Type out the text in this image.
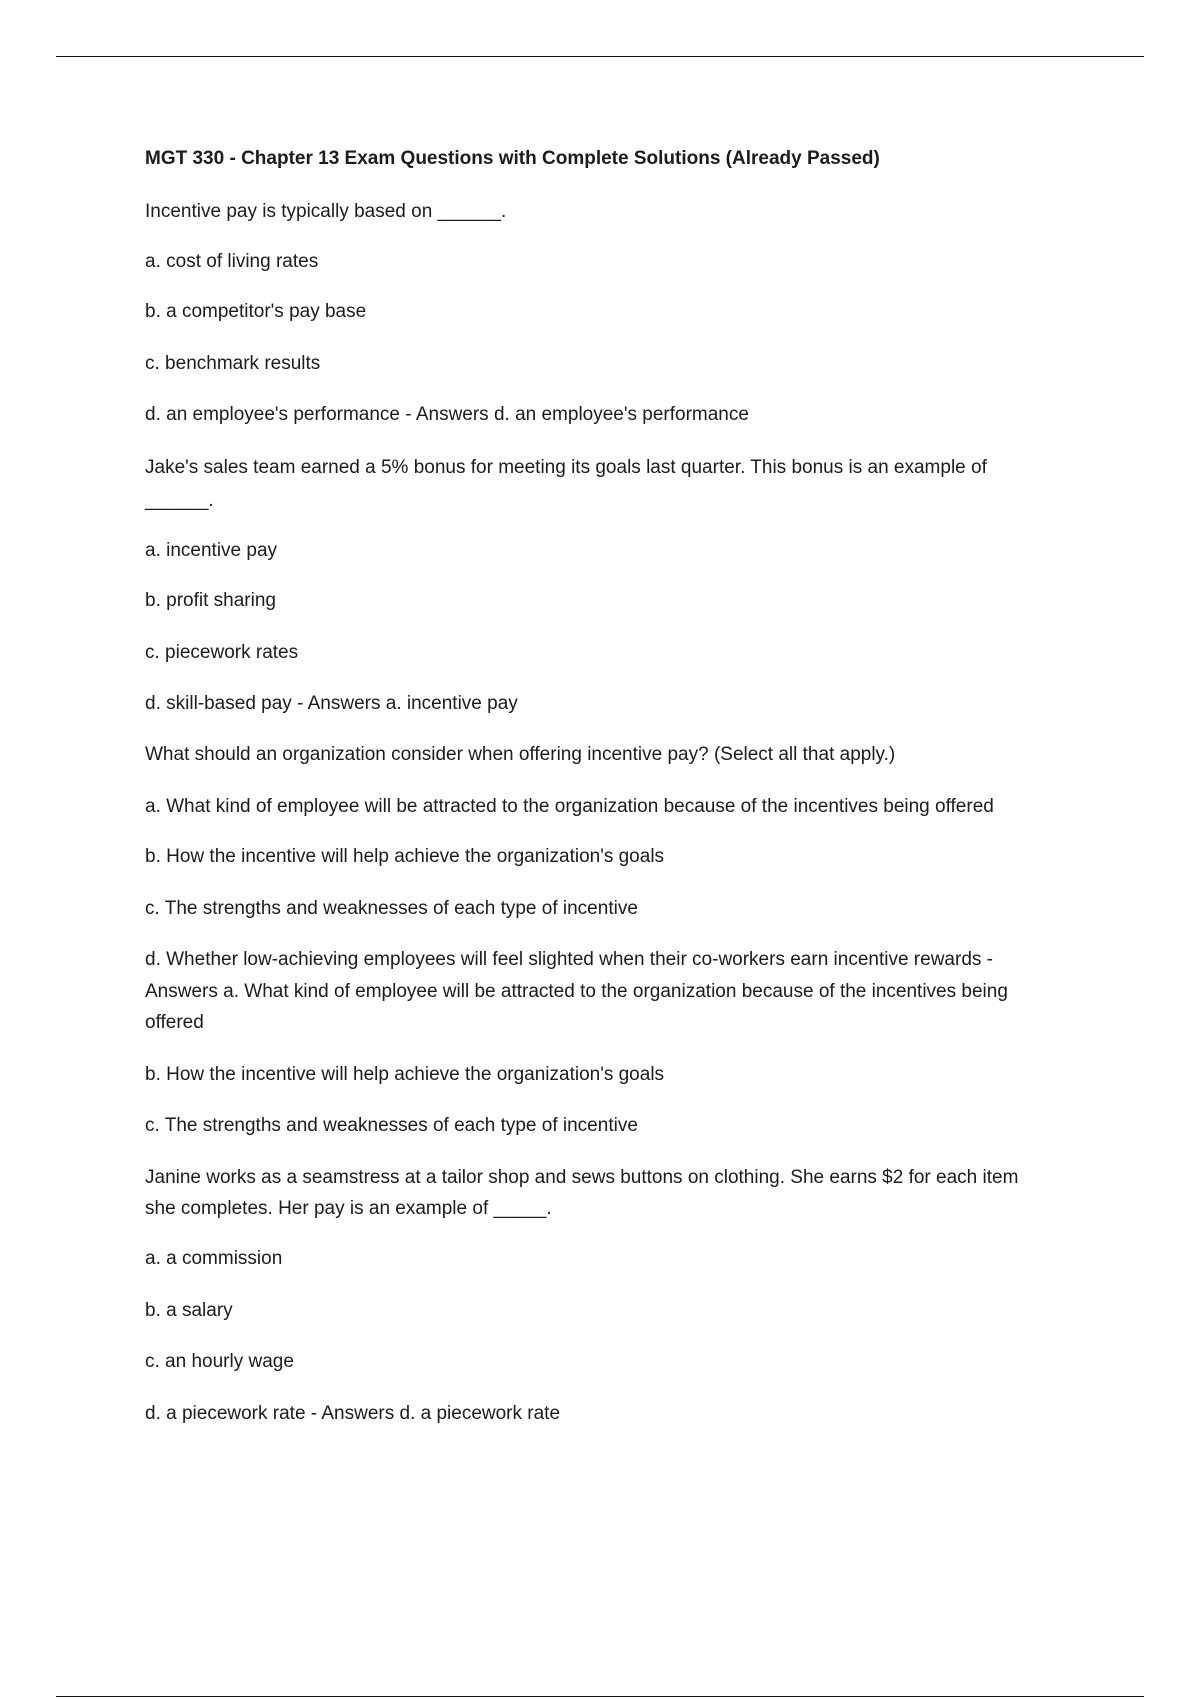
MGT 330 - Chapter 13 Exam Questions with Complete Solutions (Already Passed)
Incentive pay is typically based on ______.
a. cost of living rates
b. a competitor's pay base
c. benchmark results
d. an employee's performance - Answers d. an employee's performance
Jake's sales team earned a 5% bonus for meeting its goals last quarter. This bonus is an example of
______.
a. incentive pay
b. profit sharing
c. piecework rates
d. skill-based pay - Answers a. incentive pay
What should an organization consider when offering incentive pay? (Select all that apply.)
a. What kind of employee will be attracted to the organization because of the incentives being offered
b. How the incentive will help achieve the organization's goals
c. The strengths and weaknesses of each type of incentive
d. Whether low-achieving employees will feel slighted when their co-workers earn incentive rewards -
Answers a. What kind of employee will be attracted to the organization because of the incentives being
offered
b. How the incentive will help achieve the organization's goals
c. The strengths and weaknesses of each type of incentive
Janine works as a seamstress at a tailor shop and sews buttons on clothing. She earns $2 for each item
she completes. Her pay is an example of _____.
a. a commission
b. a salary
c. an hourly wage
d. a piecework rate - Answers d. a piecework rate
